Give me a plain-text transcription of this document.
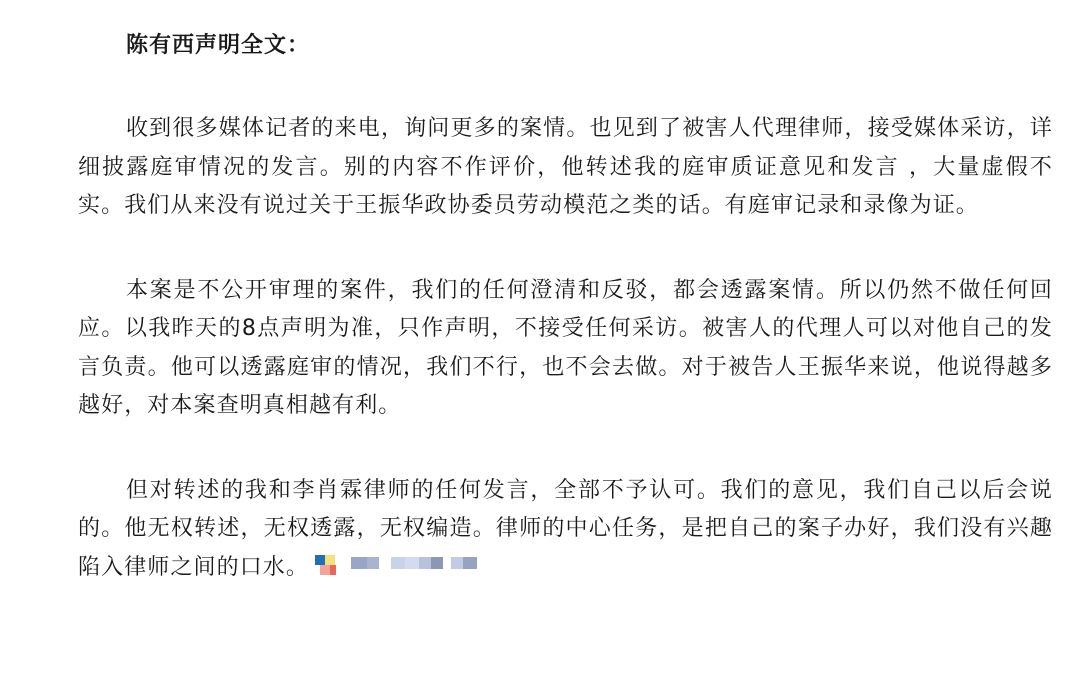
陈有西声明全文：

收到很多媒体记者的来电，询问更多的案情。也见到了被害人代理律师，接受媒体采访，详细披露庭审情况的发言。别的内容不作评价，他转述我的庭审质证意见和发言 ，大量虚假不实。我们从来没有说过关于王振华政协委员劳动模范之类的话。有庭审记录和录像为证。

本案是不公开审理的案件，我们的任何澄清和反驳，都会透露案情。所以仍然不做任何回应。以我昨天的8点声明为准，只作声明，不接受任何采访。被害人的代理人可以对他自己的发言负责。他可以透露庭审的情况，我们不行，也不会去做。对于被告人王振华来说，他说得越多越好，对本案查明真相越有利。

但对转述的我和李肖霖律师的任何发言，全部不予认可。我们的意见，我们自己以后会说的。他无权转述，无权透露，无权编造。律师的中心任务，是把自己的案子办好，我们没有兴趣陷入律师之间的口水。
